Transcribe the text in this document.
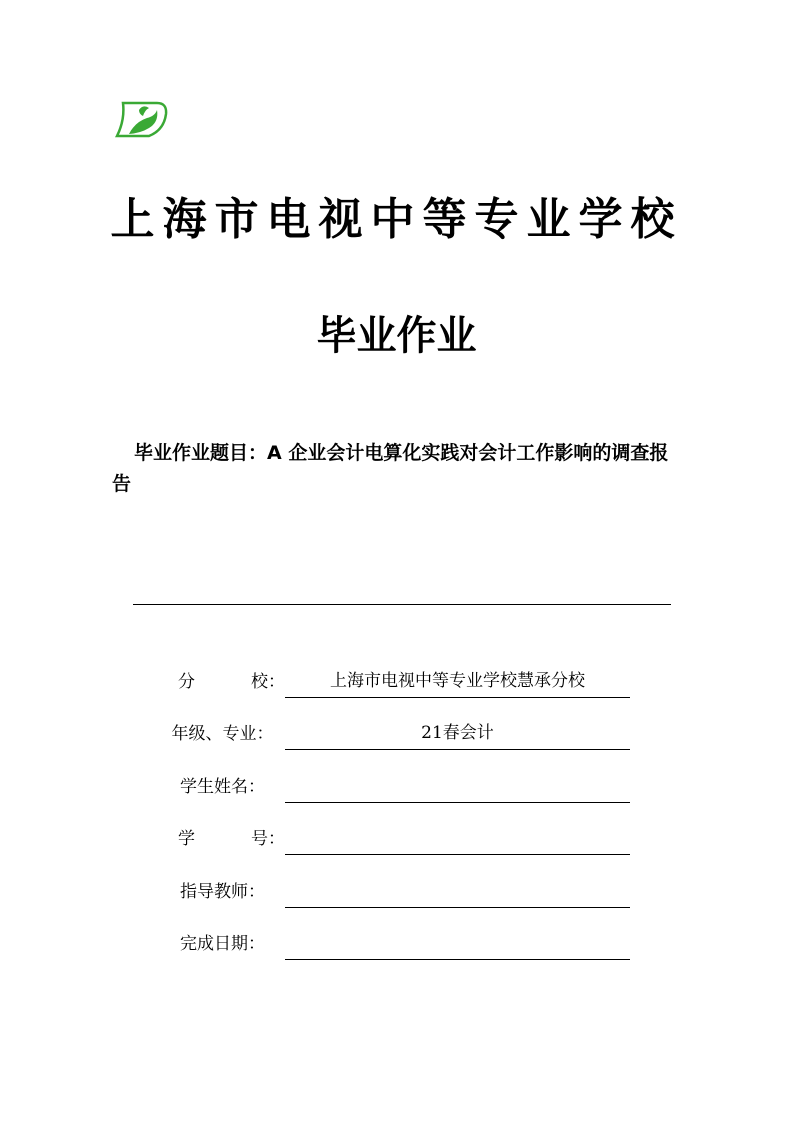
上海市电视中等专业学校
毕业作业
毕业作业题目：A 企业会计电算化实践对会计工作影响的调查报告
分	校：	上海市电视中等专业学校慧承分校
年级、专业：	21春会计
学生姓名：
学	号：
指导教师：
完成日期：
